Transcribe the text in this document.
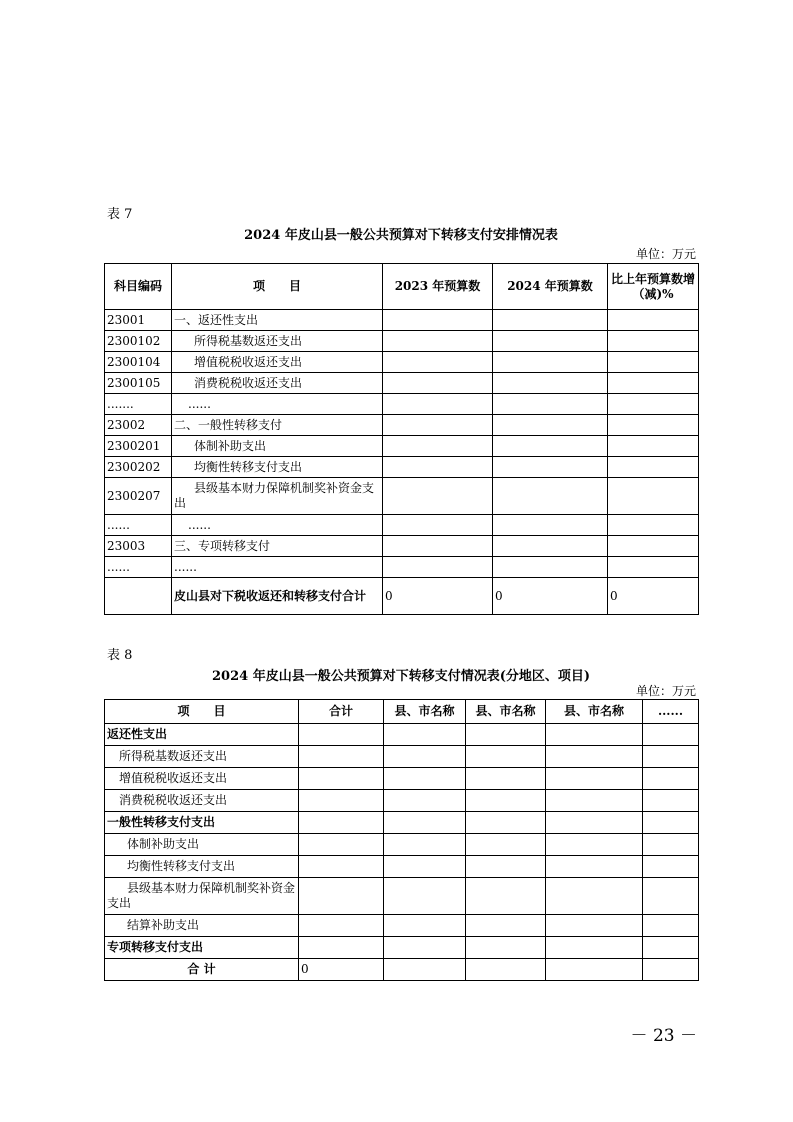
表 7
2024 年皮山县一般公共预算对下转移支付安排情况表
单位：万元
科目编码	项　　目	2023 年预算数	2024 年预算数	比上年预算数增（减)%
23001	一、返还性支出			
2300102	所得税基数返还支出			
2300104	增值税税收返还支出			
2300105	消费税税收返还支出			
.......	......			
23002	二、一般性转移支付			
2300201	体制补助支出			
2300202	均衡性转移支付支出			
2300207	县级基本财力保障机制奖补资金支出			
......	......			
23003	三、专项转移支付			
......	......			
	皮山县对下税收返还和转移支付合计	0	0	0
表 8
2024 年皮山县一般公共预算对下转移支付情况表(分地区、项目)
单位：万元
项　　目	合计	县、市名称	县、市名称	县、市名称	......
返还性支出					
所得税基数返还支出					
增值税税收返还支出					
消费税税收返还支出					
一般性转移支付支出					
体制补助支出					
均衡性转移支付支出					
县级基本财力保障机制奖补资金支出					
结算补助支出					
专项转移支付支出					
合 计	0				
－ 23 －
